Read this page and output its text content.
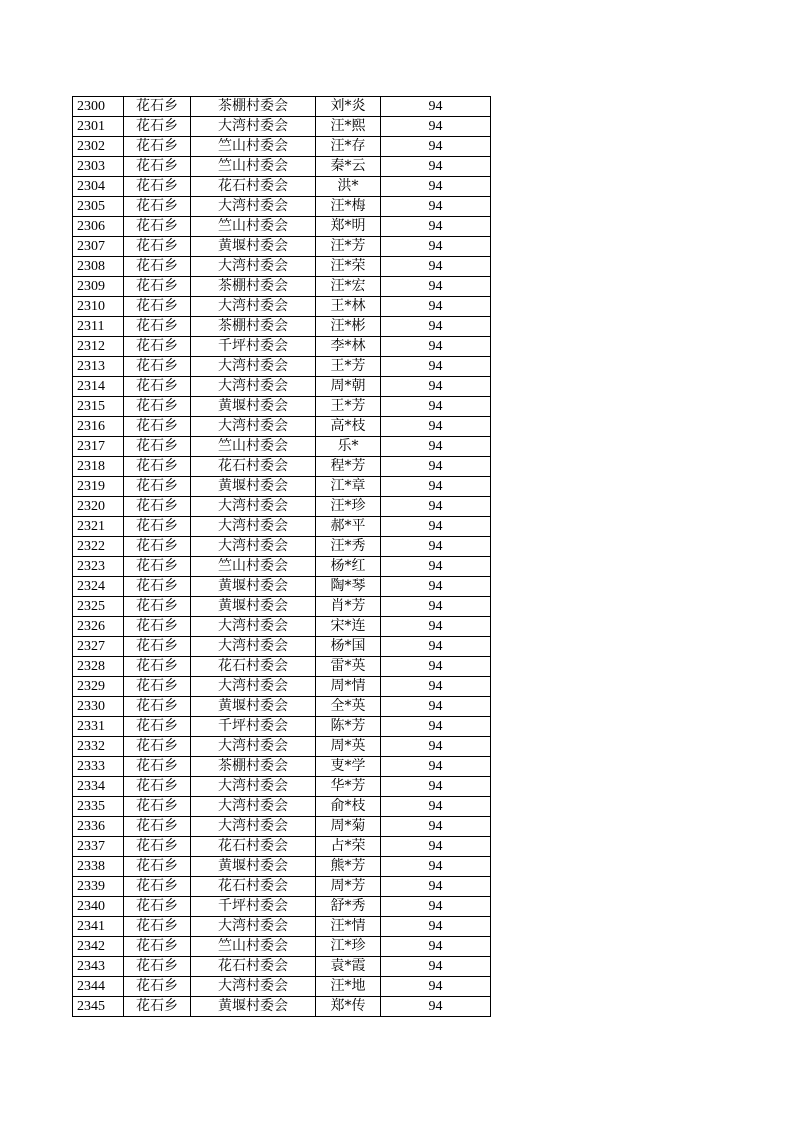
2300	花石乡	茶棚村委会	刘*炎	94
2301	花石乡	大湾村委会	汪*熙	94
2302	花石乡	竺山村委会	汪*存	94
2303	花石乡	竺山村委会	秦*云	94
2304	花石乡	花石村委会	洪*	94
2305	花石乡	大湾村委会	汪*梅	94
2306	花石乡	竺山村委会	郑*明	94
2307	花石乡	黄堰村委会	汪*芳	94
2308	花石乡	大湾村委会	汪*荣	94
2309	花石乡	茶棚村委会	汪*宏	94
2310	花石乡	大湾村委会	王*林	94
2311	花石乡	茶棚村委会	汪*彬	94
2312	花石乡	千坪村委会	李*林	94
2313	花石乡	大湾村委会	王*芳	94
2314	花石乡	大湾村委会	周*朝	94
2315	花石乡	黄堰村委会	王*芳	94
2316	花石乡	大湾村委会	高*枝	94
2317	花石乡	竺山村委会	乐*	94
2318	花石乡	花石村委会	程*芳	94
2319	花石乡	黄堰村委会	江*章	94
2320	花石乡	大湾村委会	汪*珍	94
2321	花石乡	大湾村委会	郝*平	94
2322	花石乡	大湾村委会	汪*秀	94
2323	花石乡	竺山村委会	杨*红	94
2324	花石乡	黄堰村委会	陶*琴	94
2325	花石乡	黄堰村委会	肖*芳	94
2326	花石乡	大湾村委会	宋*连	94
2327	花石乡	大湾村委会	杨*国	94
2328	花石乡	花石村委会	雷*英	94
2329	花石乡	大湾村委会	周*情	94
2330	花石乡	黄堰村委会	全*英	94
2331	花石乡	千坪村委会	陈*芳	94
2332	花石乡	大湾村委会	周*英	94
2333	花石乡	茶棚村委会	叓*学	94
2334	花石乡	大湾村委会	华*芳	94
2335	花石乡	大湾村委会	俞*枝	94
2336	花石乡	大湾村委会	周*菊	94
2337	花石乡	花石村委会	占*荣	94
2338	花石乡	黄堰村委会	熊*芳	94
2339	花石乡	花石村委会	周*芳	94
2340	花石乡	千坪村委会	舒*秀	94
2341	花石乡	大湾村委会	汪*情	94
2342	花石乡	竺山村委会	江*珍	94
2343	花石乡	花石村委会	袁*霞	94
2344	花石乡	大湾村委会	汪*地	94
2345	花石乡	黄堰村委会	郑*传	94
